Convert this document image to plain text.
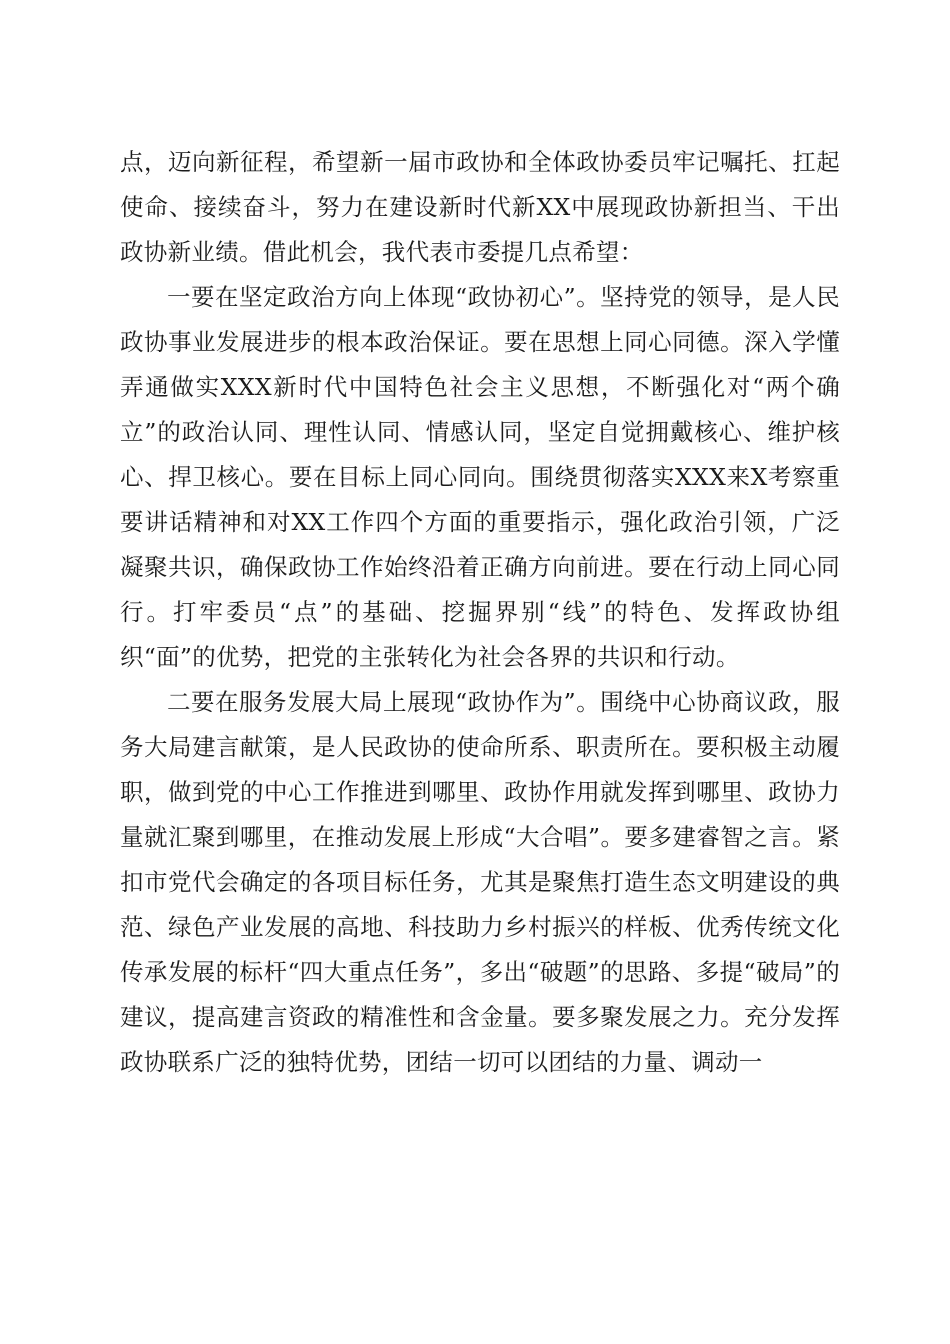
点，迈向新征程，希望新一届市政协和全体政协委员牢记嘱托、扛起使命、接续奋斗，努力在建设新时代新XX中展现政协新担当、干出政协新业绩。借此机会，我代表市委提几点希望：

一要在坚定政治方向上体现“政协初心”。坚持党的领导，是人民政协事业发展进步的根本政治保证。要在思想上同心同德。深入学懂弄通做实XXX新时代中国特色社会主义思想，不断强化对“两个确立”的政治认同、理性认同、情感认同，坚定自觉拥戴核心、维护核心、捍卫核心。要在目标上同心同向。围绕贯彻落实XXX来X考察重要讲话精神和对XX工作四个方面的重要指示，强化政治引领，广泛凝聚共识，确保政协工作始终沿着正确方向前进。要在行动上同心同行。打牢委员“点”的基础、挖掘界别“线”的特色、发挥政协组织“面”的优势，把党的主张转化为社会各界的共识和行动。

二要在服务发展大局上展现“政协作为”。围绕中心协商议政，服务大局建言献策，是人民政协的使命所系、职责所在。要积极主动履职，做到党的中心工作推进到哪里、政协作用就发挥到哪里、政协力量就汇聚到哪里，在推动发展上形成“大合唱”。要多建睿智之言。紧扣市党代会确定的各项目标任务，尤其是聚焦打造生态文明建设的典范、绿色产业发展的高地、科技助力乡村振兴的样板、优秀传统文化传承发展的标杆“四大重点任务”，多出“破题”的思路、多提“破局”的建议，提高建言资政的精准性和含金量。要多聚发展之力。充分发挥政协联系广泛的独特优势，团结一切可以团结的力量、调动一
